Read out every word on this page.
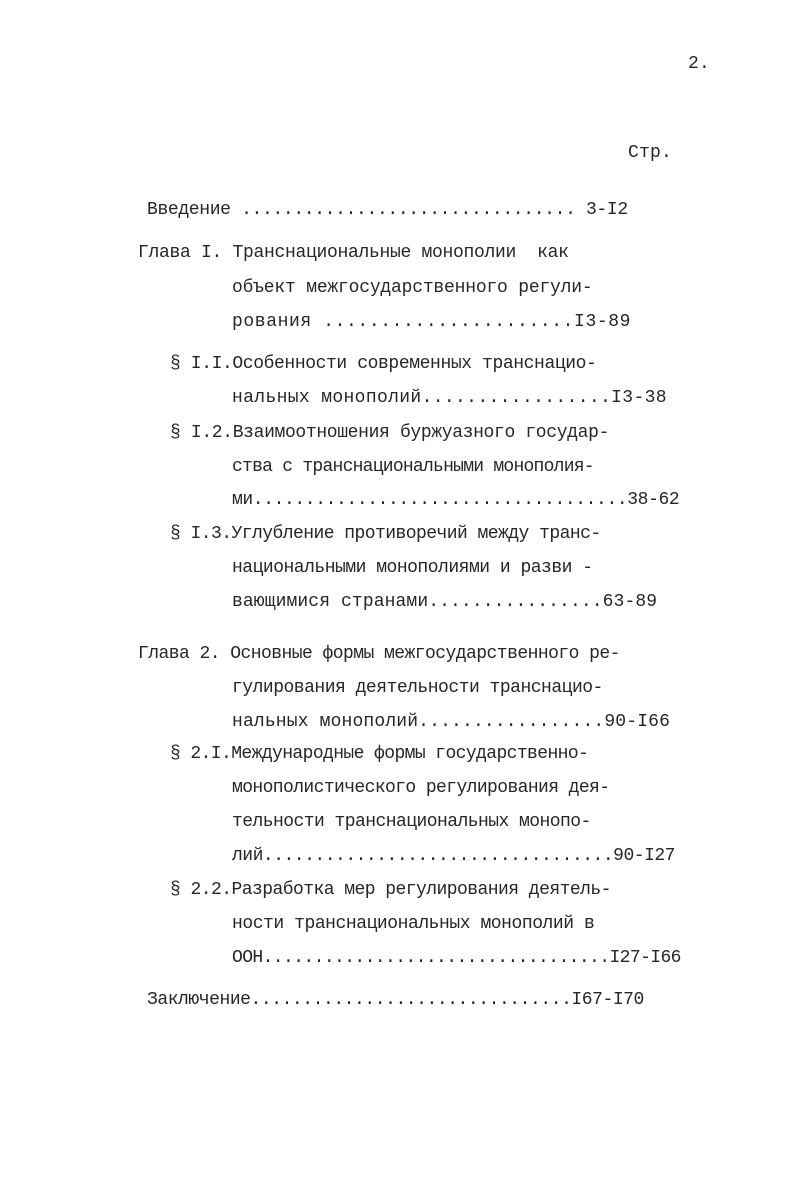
2.
Стр.
Введение ................................ 3-I2
Глава I. Транснациональные монополии  как
объект межгосударственного регули-
рования ......................I3-89
§ I.I.Особенности современных транснацио-
нальных монополий.................I3-38
§ I.2.Взаимоотношения буржуазного государ-
ства с транснациональными монополия-
ми....................................38-62
§ I.3.Углубление противоречий между транс-
национальными монополиями и разви -
вающимися странами................63-89
Глава 2. Основные формы межгосударственного ре-
гулирования деятельности транснацио-
нальных монополий.................90-I66
§ 2.I.Международные формы государственно-
монополистического регулирования дея-
тельности транснациональных монопо-
лий..................................90-I27
§ 2.2.Разработка мер регулирования деятель-
ности транснациональных монополий в
ООН..................................I27-I66
Заключение...............................I67-I70
